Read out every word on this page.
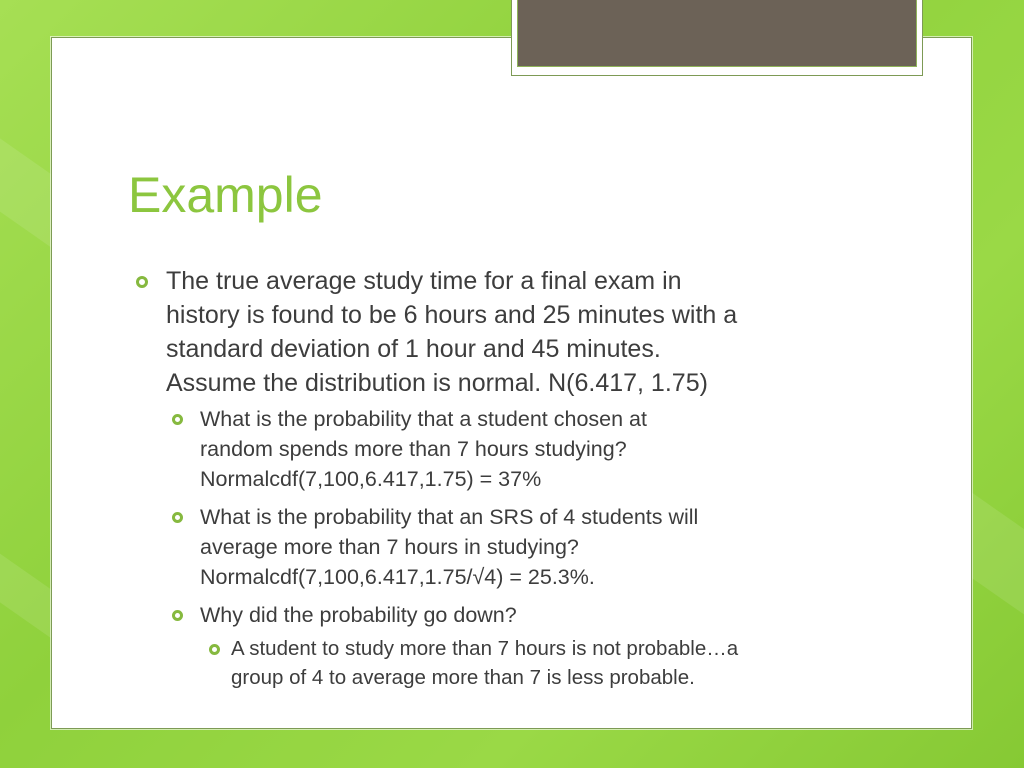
Example
The true average study time for a final exam in
history is found to be 6 hours and 25 minutes with a
standard deviation of 1 hour and 45 minutes.
Assume the distribution is normal. N(6.417, 1.75)
What is the probability that a student chosen at
random spends more than 7 hours studying?
Normalcdf(7,100,6.417,1.75) = 37%
What is the probability that an SRS of 4 students will
average more than 7 hours in studying?
Normalcdf(7,100,6.417,1.75/√4) = 25.3%.
Why did the probability go down?
A student to study more than 7 hours is not probable…a
group of 4 to average more than 7 is less probable.
